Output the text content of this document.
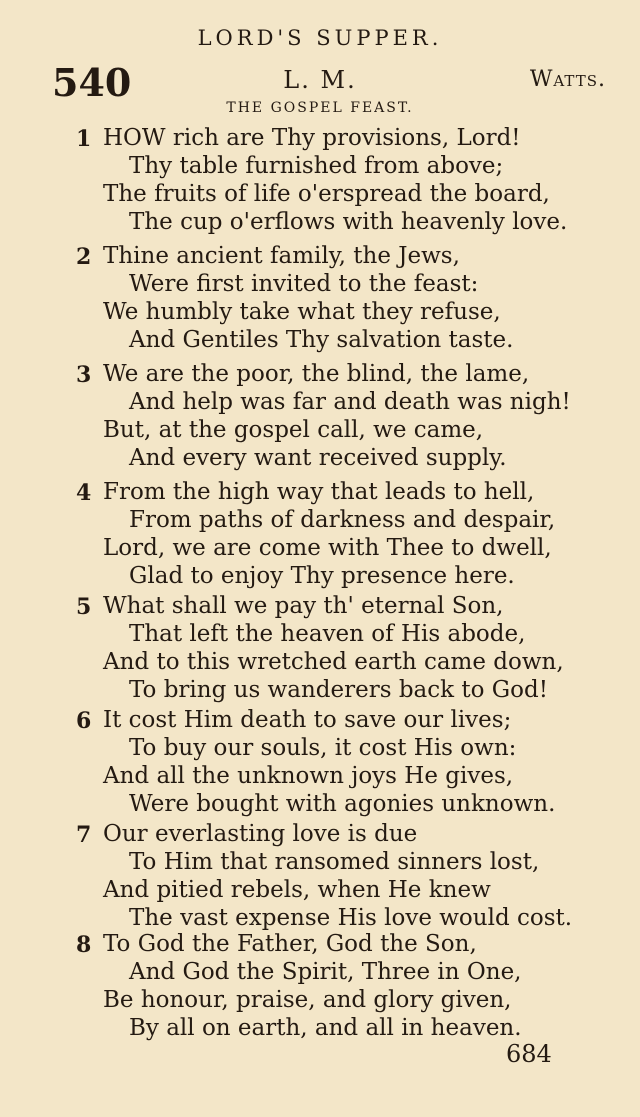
LORD'S SUPPER.
540	L. M.	Watts.
THE GOSPEL FEAST.
1 HOW rich are Thy provisions, Lord!
Thy table furnished from above;
The fruits of life o'erspread the board,
The cup o'erflows with heavenly love.
2 Thine ancient family, the Jews,
Were first invited to the feast:
We humbly take what they refuse,
And Gentiles Thy salvation taste.
3 We are the poor, the blind, the lame,
And help was far and death was nigh!
But, at the gospel call, we came,
And every want received supply.
4 From the high way that leads to hell,
From paths of darkness and despair,
Lord, we are come with Thee to dwell,
Glad to enjoy Thy presence here.
5 What shall we pay th' eternal Son,
That left the heaven of His abode,
And to this wretched earth came down,
To bring us wanderers back to God!
6 It cost Him death to save our lives;
To buy our souls, it cost His own:
And all the unknown joys He gives,
Were bought with agonies unknown.
7 Our everlasting love is due
To Him that ransomed sinners lost,
And pitied rebels, when He knew
The vast expense His love would cost.
8 To God the Father, God the Son,
And God the Spirit, Three in One,
Be honour, praise, and glory given,
By all on earth, and all in heaven.
684
